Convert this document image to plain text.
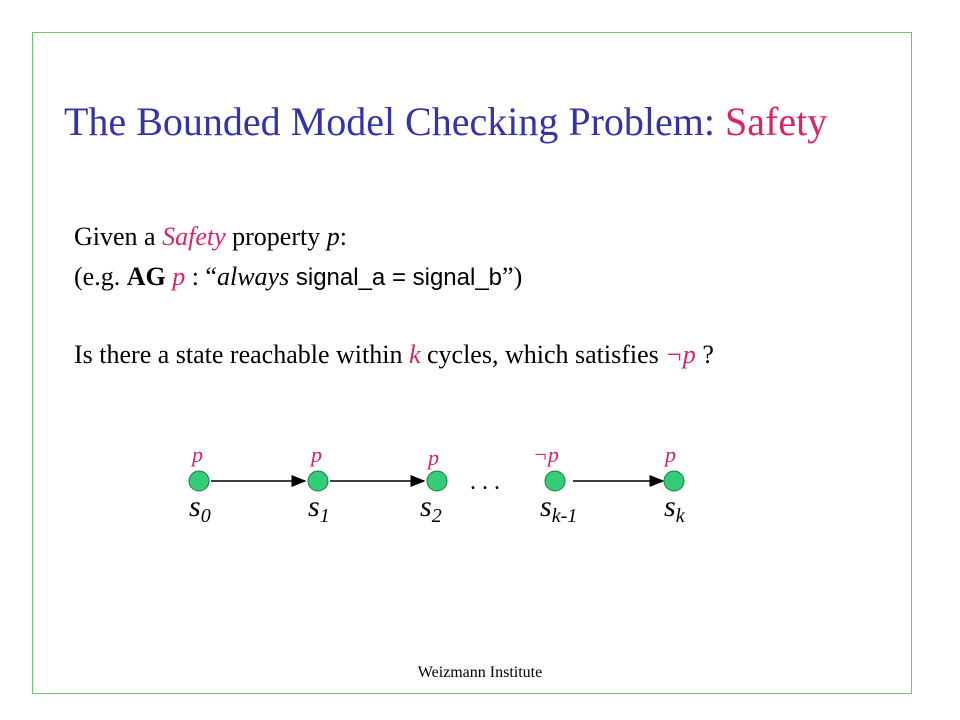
The Bounded Model Checking Problem: Safety
Given a Safety property p:
(e.g. AG p : “always signal_a = signal_b”)
Is there a state reachable within k cycles, which satisfies ¬p ?
. . .
p
$s_0$
p
$s_1$
p
$s_2$
¬p
$s_{k-1}$
p
$s_k$
Weizmann Institute
